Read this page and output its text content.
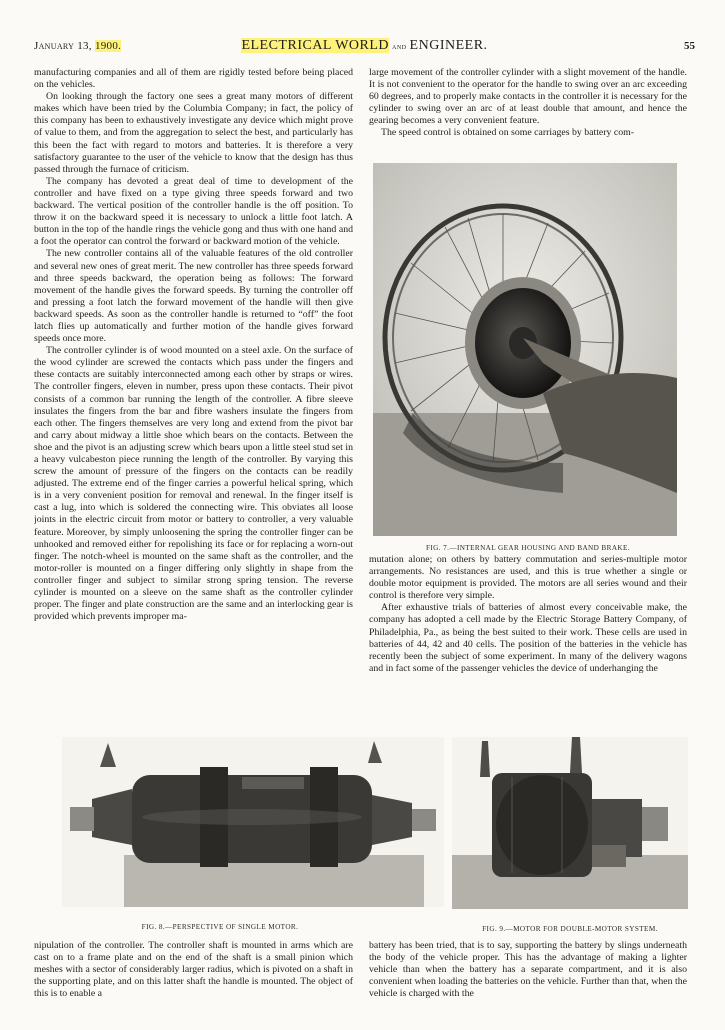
January 13, 1900.	ELECTRICAL WORLD and ENGINEER.	55

manufacturing companies and all of them are rigidly tested before being placed on the vehicles.

On looking through the factory one sees a great many motors of different makes which have been tried by the Columbia Company; in fact, the policy of this company has been to exhaustively investigate any device which might prove of value to them, and from the aggregation to select the best, and particularly has this been the fact with regard to motors and batteries. It is therefore a very satisfactory guarantee to the user of the vehicle to know that the design has thus passed through the furnace of criticism.

The company has devoted a great deal of time to development of the controller and have fixed on a type giving three speeds forward and two backward. The vertical position of the controller handle is the off position. To throw it on the backward speed it is necessary to unlock a little foot latch. A button in the top of the handle rings the vehicle gong and thus with one hand and a foot the operator can control the forward or backward motion of the vehicle.

The new controller contains all of the valuable features of the old controller and several new ones of great merit. The new controller has three speeds forward and three speeds backward, the operation being as follows: The forward movement of the handle gives the forward speeds. By turning the controller off and pressing a foot latch the forward movement of the handle will then give backward speeds. As soon as the controller handle is returned to “off” the foot latch flies up automatically and further motion of the handle gives forward speeds once more.

The controller cylinder is of wood mounted on a steel axle. On the surface of the wood cylinder are screwed the contacts which pass under the fingers and these contacts are suitably interconnected among each other by straps or wires. The controller fingers, eleven in number, press upon these contacts. Their pivot consists of a common bar running the length of the controller. A fibre sleeve insulates the fingers from the bar and fibre washers insulate the fingers from each other. The fingers themselves are very long and extend from the pivot bar and carry about midway a little shoe which bears on the contacts. Between the shoe and the pivot is an adjusting screw which bears upon a little steel stud set in a heavy vulcabeston piece running the length of the controller. By varying this screw the amount of pressure of the fingers on the contacts can be readily adjusted. The extreme end of the finger carries a powerful helical spring, which is in a very convenient position for removal and renewal. In the finger itself is cast a lug, into which is soldered the connecting wire. This obviates all loose joints in the electric circuit from motor or battery to controller, a very valuable feature. Moreover, by simply unloosening the spring the controller finger can be unhooked and removed either for repolishing its face or for replacing a worn-out finger. The notch-wheel is mounted on the same shaft as the controller, and the motor-roller is mounted on a finger differing only slightly in shape from the controller finger and subject to similar strong spring tension. The reverse cylinder is mounted on a sleeve on the same shaft as the controller cylinder proper. The finger and plate construction are the same and an interlocking gear is provided which prevents improper ma-

large movement of the controller cylinder with a slight movement of the handle. It is not convenient to the operator for the handle to swing over an arc exceeding 60 degrees, and to properly make contacts in the controller it is necessary for the cylinder to swing over an arc of at least double that amount, and hence the gearing becomes a very convenient feature.

The speed control is obtained on some carriages by battery com-

FIG. 7.—INTERNAL GEAR HOUSING AND BAND BRAKE.

mutation alone; on others by battery commutation and series-multiple motor arrangements. No resistances are used, and this is true whether a single or double motor equipment is provided. The motors are all series wound and their control is therefore very simple.

After exhaustive trials of batteries of almost every conceivable make, the company has adopted a cell made by the Electric Storage Battery Company, of Philadelphia, Pa., as being the best suited to their work. These cells are used in batteries of 44, 42 and 40 cells. The position of the batteries in the vehicle has recently been the subject of some experiment. In many of the delivery wagons and in fact some of the passenger vehicles the device of underhanging the

FIG. 8.—PERSPECTIVE OF SINGLE MOTOR.	FIG. 9.—MOTOR FOR DOUBLE-MOTOR SYSTEM.

nipulation of the controller. The controller shaft is mounted in arms which are cast on to a frame plate and on the end of the shaft is a small pinion which meshes with a sector of considerably larger radius, which is pivoted on a shaft in the supporting plate, and on this latter shaft the handle is mounted. The object of this is to enable a

battery has been tried, that is to say, supporting the battery by slings underneath the body of the vehicle proper. This has the advantage of making a lighter vehicle than when the battery has a separate compartment, and it is also convenient when loading the batteries on the vehicle. Further than that, when the vehicle is charged with the
